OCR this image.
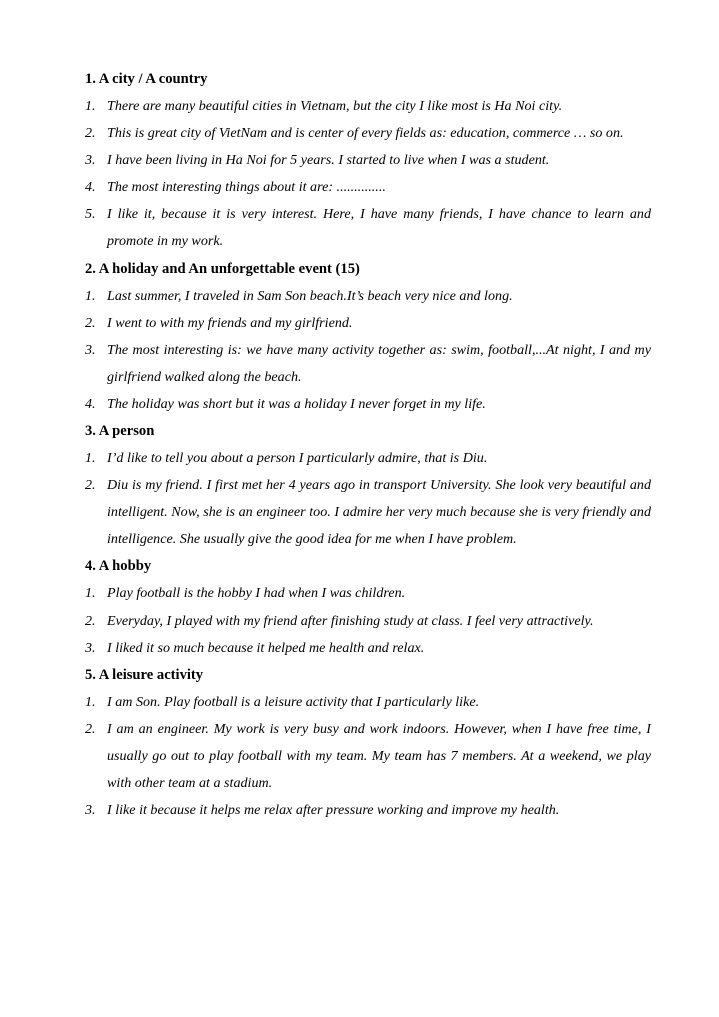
1. A city / A country
1. There are many beautiful cities in Vietnam, but the city I like most is Ha Noi city.
2. This is great city of VietNam and is center of every fields as: education, commerce … so on.
3. I have been living in Ha Noi for 5 years. I started to live when I was a student.
4. The most interesting things about it are: ..............
5. I like it, because it is very interest. Here, I have many friends, I have chance to learn and promote in my work.
2. A holiday and An unforgettable event (15)
1. Last summer, I traveled in Sam Son beach.It’s beach very nice and long.
2. I went to with my friends and my girlfriend.
3. The most interesting is: we have many activity together as: swim, football,...At night, I and my girlfriend walked along the beach.
4. The holiday was short but it was a holiday I never forget in my life.
3. A person
1. I’d like to tell you about a person I particularly admire, that is Diu.
2. Diu is my friend. I first met her 4 years ago in transport University. She look very beautiful and intelligent. Now, she is an engineer too. I admire her very much because she is very friendly and intelligence. She usually give the good idea for me when I have problem.
4. A hobby
1. Play football is the hobby I had when I was children.
2. Everyday, I played with my friend after finishing study at class. I feel very attractively.
3. I liked it so much because it helped me health and relax.
5. A leisure activity
1. I am Son. Play football is a leisure activity that I particularly like.
2. I am an engineer. My work is very busy and work indoors. However, when I have free time, I usually go out to play football with my team. My team has 7 members. At a weekend, we play with other team at a stadium.
3. I like it because it helps me relax after pressure working and improve my health.
